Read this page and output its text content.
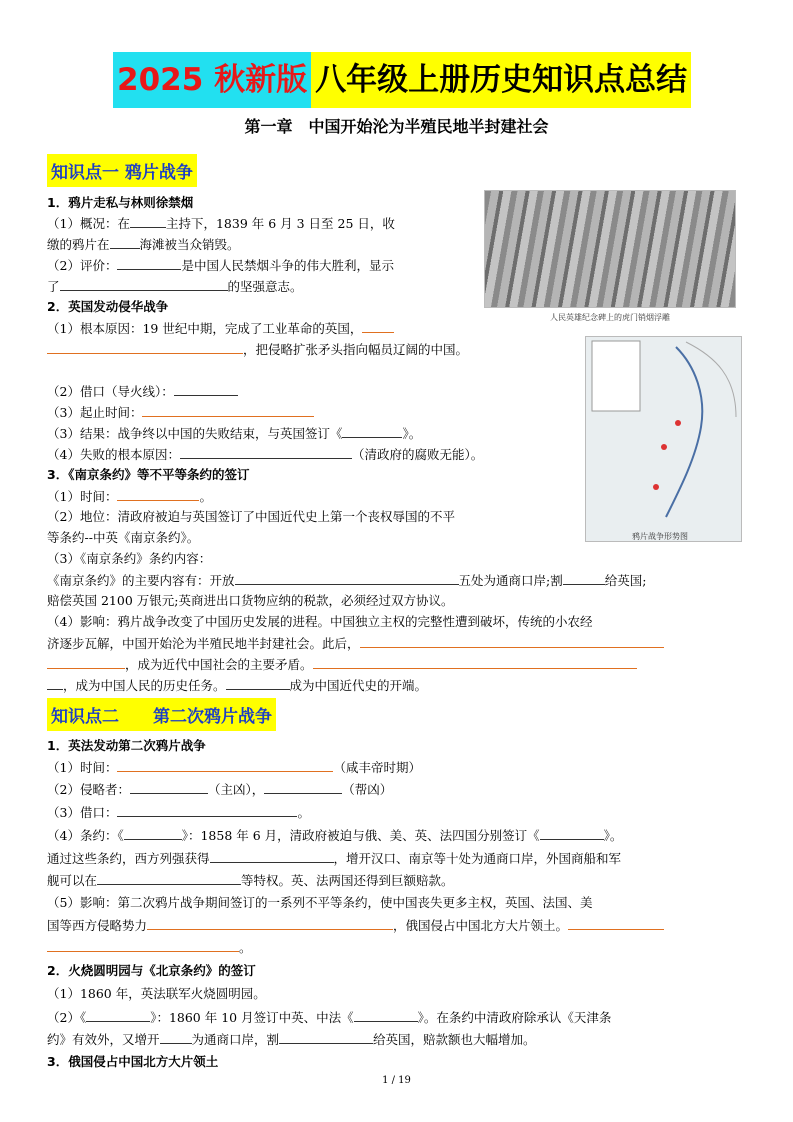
2025 秋新版 八年级上册历史知识点总结
第一章　中国开始沦为半殖民地半封建社会
知识点一 鸦片战争
人民英雄纪念碑上的虎门销烟浮雕
鸦片战争形势图
1．鸦片走私与林则徐禁烟
（1）概况：在	主持下，1839 年 6 月 3 日至 25 日，收
缴的鸦片在 海滩被当众销毁。
（2）评价：	是中国人民禁烟斗争的伟大胜利，显示
了	的坚强意志。
2．英国发动侵华战争
（1）根本原因：19 世纪中期，完成了工业革命的英国，
，把侵略扩张矛头指向幅员辽阔的中国。
（2）借口（导火线）：
（3）起止时间：
（3）结果：战争终以中国的失败结束，与英国签订《	》。
（4）失败的根本原因：	（清政府的腐败无能）。
3．《南京条约》等不平等条约的签订
（1）时间：	。
（2）地位：清政府被迫与英国签订了中国近代史上第一个丧权辱国的不平
等条约--中英《南京条约》。
（3）《南京条约》条约内容：
《南京条约》的主要内容有：开放	五处为通商口岸;割	给英国;
赔偿英国 2100 万银元;英商进出口货物应纳的税款，必须经过双方协议。
（4）影响：鸦片战争改变了中国历史发展的进程。中国独立主权的完整性遭到破坏，传统的小农经
济逐步瓦解，中国开始沦为半殖民地半封建社会。此后，
，成为近代中国社会的主要矛盾。
，成为中国人民的历史任务。	成为中国近代史的开端。
知识点二　　第二次鸦片战争
1．英法发动第二次鸦片战争
（1）时间：	（咸丰帝时期）
（2）侵略者：	（主凶），	（帮凶）
（3）借口：	。
（4）条约：《	》：1858 年 6 月，清政府被迫与俄、美、英、法四国分别签订《	》。
通过这些条约，西方列强获得	，增开汉口、南京等十处为通商口岸，外国商船和军
舰可以在	等特权。英、法两国还得到巨额赔款。
（5）影响：第二次鸦片战争期间签订的一系列不平等条约，使中国丧失更多主权，英国、法国、美
国等西方侵略势力	，俄国侵占中国北方大片领土。
。
2．火烧圆明园与《北京条约》的签订
（1）1860 年，英法联军火烧圆明园。
（2）《	》：1860 年 10 月签订中英、中法《	》。在条约中清政府除承认《天津条
约》有效外，又增开	为通商口岸，割	给英国，赔款额也大幅增加。
3．俄国侵占中国北方大片领土
1 / 19
